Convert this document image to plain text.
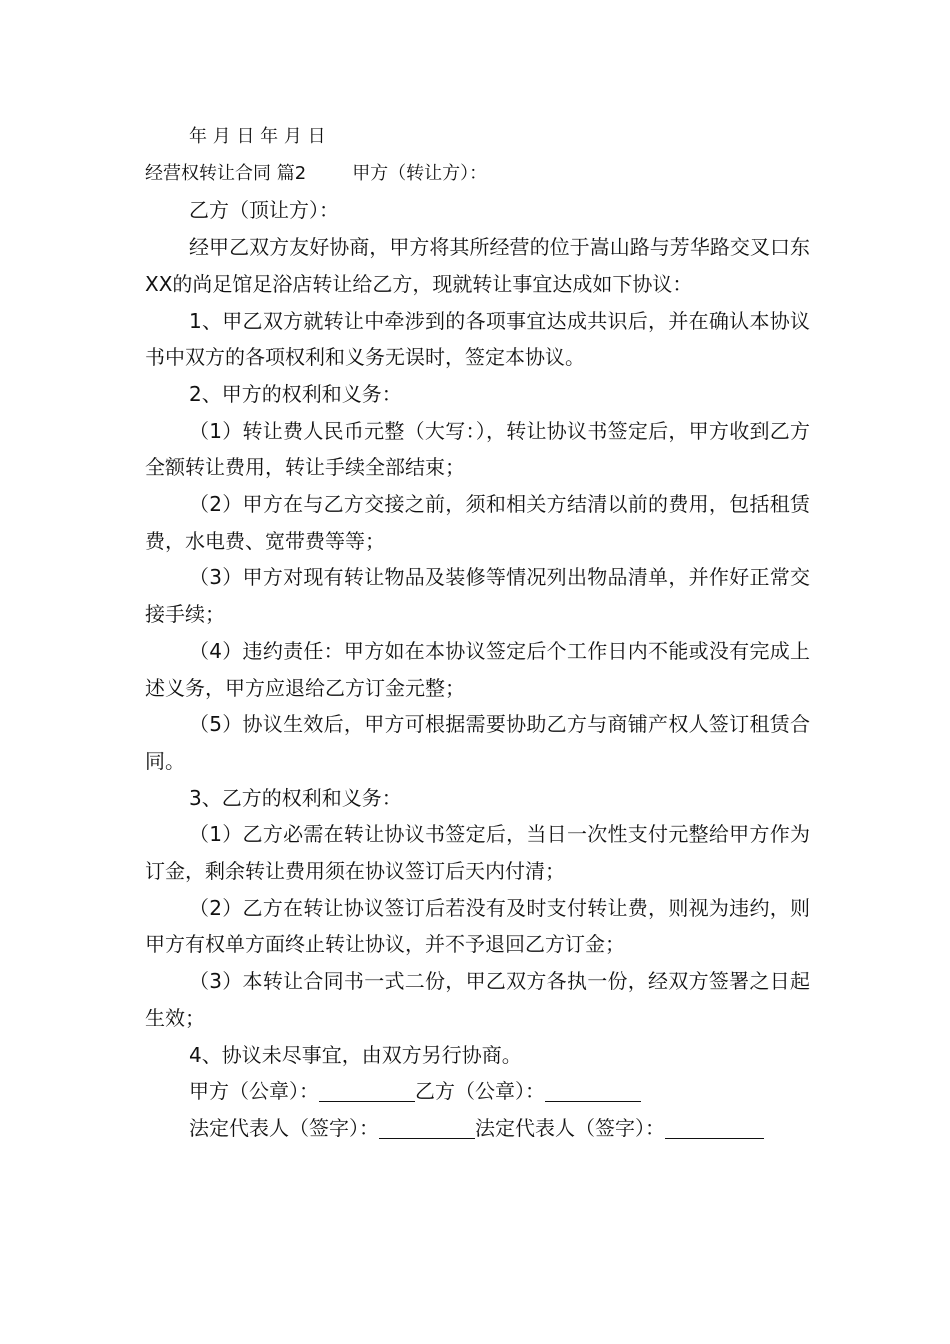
年 月 日 年 月 日

经营权转让合同 篇2	甲方（转让方）：

乙方（顶让方）：

经甲乙双方友好协商，甲方将其所经营的位于嵩山路与芳华路交叉口东XX的尚足馆足浴店转让给乙方，现就转让事宜达成如下协议：

1、甲乙双方就转让中牵涉到的各项事宜达成共识后，并在确认本协议书中双方的各项权利和义务无误时，签定本协议。

2、甲方的权利和义务：

（1）转让费人民币元整（大写：），转让协议书签定后，甲方收到乙方全额转让费用，转让手续全部结束；

（2）甲方在与乙方交接之前，须和相关方结清以前的费用，包括租赁费，水电费、宽带费等等；

（3）甲方对现有转让物品及装修等情况列出物品清单，并作好正常交接手续；

（4）违约责任：甲方如在本协议签定后个工作日内不能或没有完成上述义务，甲方应退给乙方订金元整；

（5）协议生效后，甲方可根据需要协助乙方与商铺产权人签订租赁合同。

3、乙方的权利和义务：

（1）乙方必需在转让协议书签定后，当日一次性支付元整给甲方作为订金，剩余转让费用须在协议签订后天内付清；

（2）乙方在转让协议签订后若没有及时支付转让费，则视为违约，则甲方有权单方面终止转让协议，并不予退回乙方订金；

（3）本转让合同书一式二份，甲乙双方各执一份，经双方签署之日起生效；

4、协议未尽事宜，由双方另行协商。

甲方（公章）：	乙方（公章）：

法定代表人（签字）：	法定代表人（签字）：
